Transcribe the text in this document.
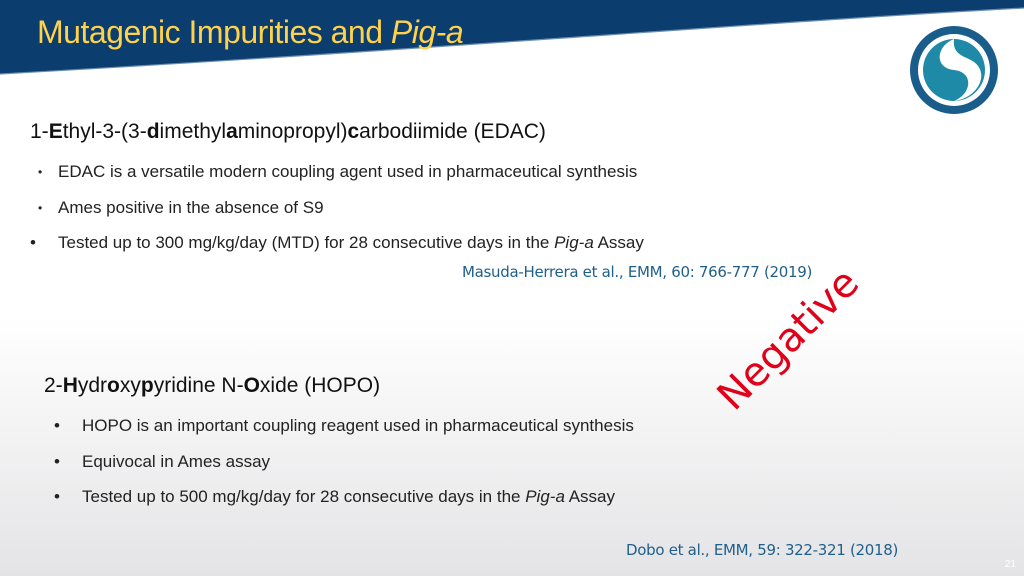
Mutagenic Impurities and Pig-a
1-Ethyl-3-(3-dimethylaminopropyl)carbodiimide (EDAC)
• EDAC is a versatile modern coupling agent used in pharmaceutical synthesis
• Ames positive in the absence of S9
• Tested up to 300 mg/kg/day (MTD) for 28 consecutive days in the Pig-a Assay
Masuda-Herrera et al., EMM, 60: 766-777 (2019)
Negative
2-Hydroxypyridine N-Oxide (HOPO)
• HOPO is an important coupling reagent used in pharmaceutical synthesis
• Equivocal in Ames assay
• Tested up to 500 mg/kg/day for 28 consecutive days in the Pig-a Assay
Dobo et al., EMM, 59: 322-321 (2018)
21
